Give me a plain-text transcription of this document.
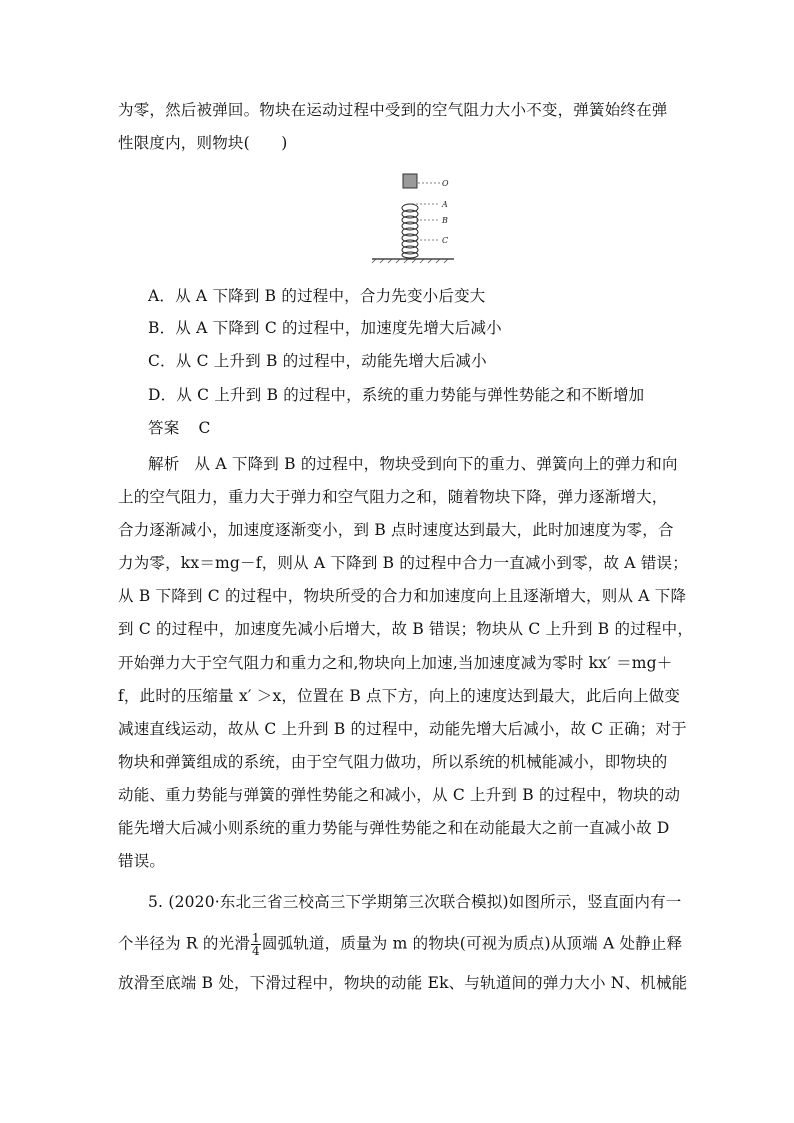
为零，然后被弹回。物块在运动过程中受到的空气阻力大小不变，弹簧始终在弹
性限度内，则物块(　　)
O
A
B
C
A．从 A 下降到 B 的过程中，合力先变小后变大
B．从 A 下降到 C 的过程中，加速度先增大后减小
C．从 C 上升到 B 的过程中，动能先增大后减小
D．从 C 上升到 B 的过程中，系统的重力势能与弹性势能之和不断增加
答案 C
解析 从 A 下降到 B 的过程中，物块受到向下的重力、弹簧向上的弹力和向
上的空气阻力，重力大于弹力和空气阻力之和，随着物块下降，弹力逐渐增大，
合力逐渐减小，加速度逐渐变小，到 B 点时速度达到最大，此时加速度为零，合
力为零，kx＝mg－f，则从 A 下降到 B 的过程中合力一直减小到零，故 A 错误；
从 B 下降到 C 的过程中，物块所受的合力和加速度向上且逐渐增大，则从 A 下降
到 C 的过程中，加速度先减小后增大，故 B 错误；物块从 C 上升到 B 的过程中，
开始弹力大于空气阻力和重力之和,物块向上加速,当加速度减为零时 kx′ ＝mg＋
f，此时的压缩量 x′ ＞x，位置在 B 点下方，向上的速度达到最大，此后向上做变
减速直线运动，故从 C 上升到 B 的过程中，动能先增大后减小，故 C 正确；对于
物块和弹簧组成的系统，由于空气阻力做功，所以系统的机械能减小，即物块的
动能、重力势能与弹簧的弹性势能之和减小，从 C 上升到 B 的过程中，物块的动
能先增大后减小则系统的重力势能与弹性势能之和在动能最大之前一直减小故 D
错误。
5. (2020·东北三省三校高三下学期第三次联合模拟)如图所示，竖直面内有一
个半径为 R 的光滑 $\frac{1}{4}$ 圆弧轨道，质量为 m 的物块(可视为质点)从顶端 A 处静止释
放滑至底端 B 处，下滑过程中，物块的动能 Ek、与轨道间的弹力大小 N、机械能
